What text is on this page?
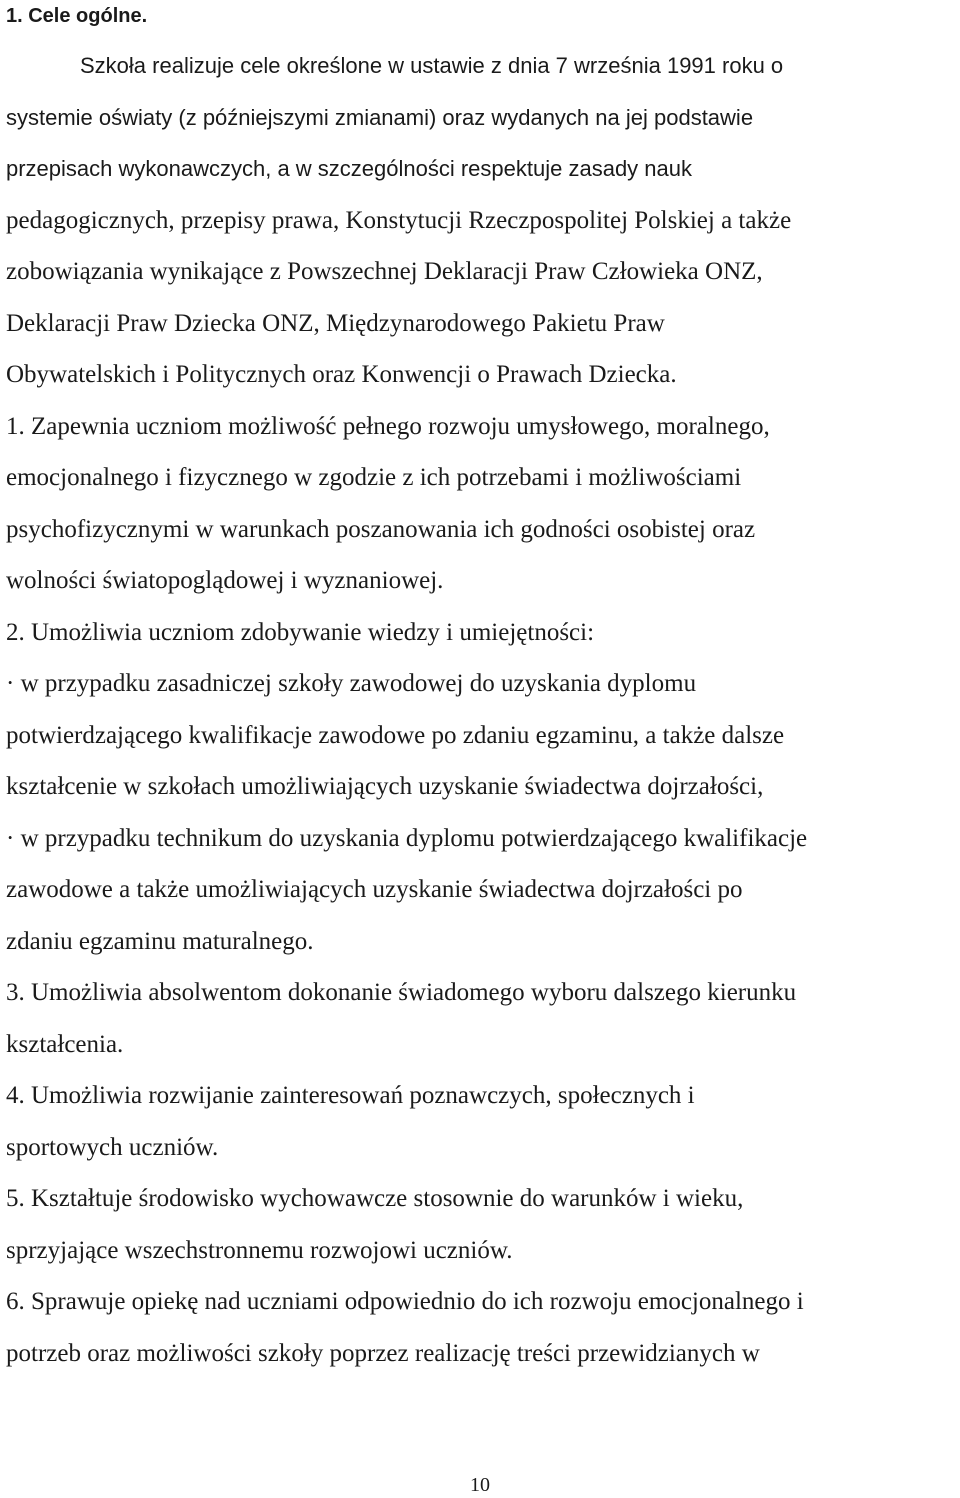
1. Cele ogólne.
Szkoła realizuje cele określone w ustawie z dnia 7 września 1991 roku o
systemie oświaty (z późniejszymi zmianami) oraz wydanych na jej podstawie
przepisach wykonawczych, a w szczególności respektuje zasady nauk
pedagogicznych, przepisy prawa, Konstytucji Rzeczpospolitej Polskiej a także
zobowiązania wynikające z Powszechnej Deklaracji Praw Człowieka ONZ,
Deklaracji Praw Dziecka ONZ, Międzynarodowego Pakietu Praw
Obywatelskich i Politycznych oraz Konwencji o Prawach Dziecka.
1. Zapewnia uczniom możliwość pełnego rozwoju umysłowego, moralnego,
emocjonalnego i fizycznego w zgodzie z ich potrzebami i możliwościami
psychofizycznymi w warunkach poszanowania ich godności osobistej oraz
wolności światopoglądowej i wyznaniowej.
2. Umożliwia uczniom zdobywanie wiedzy i umiejętności:
· w przypadku zasadniczej szkoły zawodowej do uzyskania dyplomu
potwierdzającego kwalifikacje zawodowe po zdaniu egzaminu, a także dalsze
kształcenie w szkołach umożliwiających uzyskanie świadectwa dojrzałości,
· w przypadku technikum do uzyskania dyplomu potwierdzającego kwalifikacje
zawodowe a także umożliwiających uzyskanie świadectwa dojrzałości po
zdaniu egzaminu maturalnego.
3. Umożliwia absolwentom dokonanie świadomego wyboru dalszego kierunku
kształcenia.
4. Umożliwia rozwijanie zainteresowań poznawczych, społecznych i
sportowych uczniów.
5. Kształtuje środowisko wychowawcze stosownie do warunków i wieku,
sprzyjające wszechstronnemu rozwojowi uczniów.
6. Sprawuje opiekę nad uczniami odpowiednio do ich rozwoju emocjonalnego i
potrzeb oraz możliwości szkoły poprzez realizację treści przewidzianych w
10
